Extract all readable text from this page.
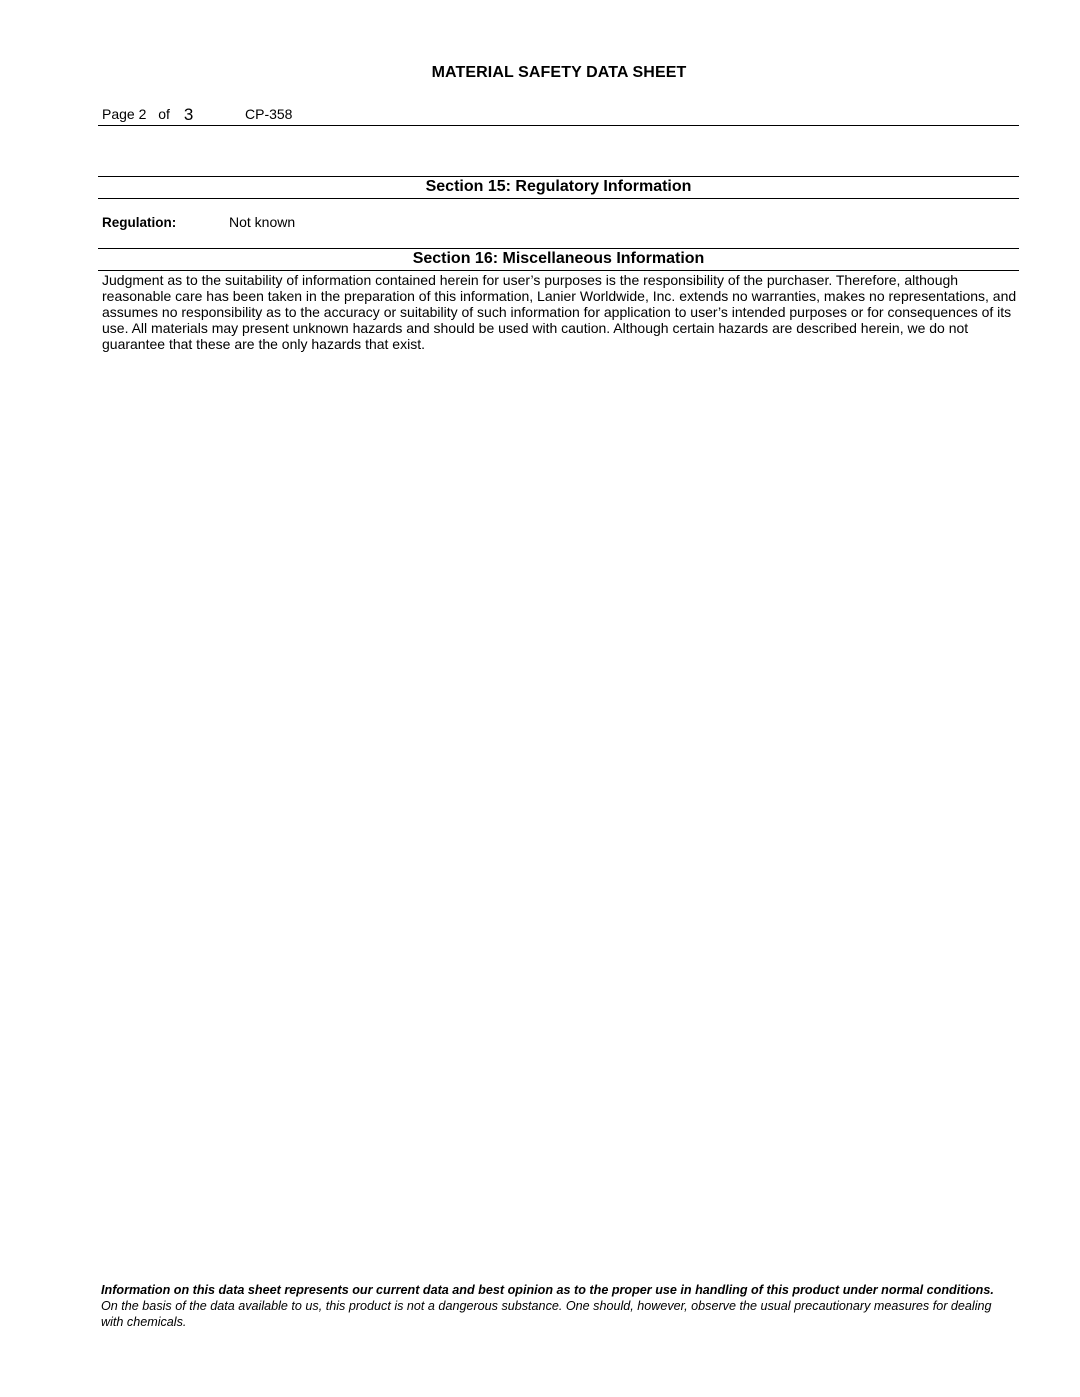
MATERIAL SAFETY DATA SHEET
Page 2 of 3	CP-358
Section 15: Regulatory Information
Regulation:	Not known
Section 16: Miscellaneous Information
Judgment as to the suitability of information contained herein for user’s purposes is the responsibility of the purchaser. Therefore, although reasonable care has been taken in the preparation of this information, Lanier Worldwide, Inc. extends no warranties, makes no representations, and assumes no responsibility as to the accuracy or suitability of such information for application to user’s intended purposes or for consequences of its use. All materials may present unknown hazards and should be used with caution. Although certain hazards are described herein, we do not guarantee that these are the only hazards that exist.
Information on this data sheet represents our current data and best opinion as to the proper use in handling of this product under normal conditions. On the basis of the data available to us, this product is not a dangerous substance. One should, however, observe the usual precautionary measures for dealing with chemicals.
